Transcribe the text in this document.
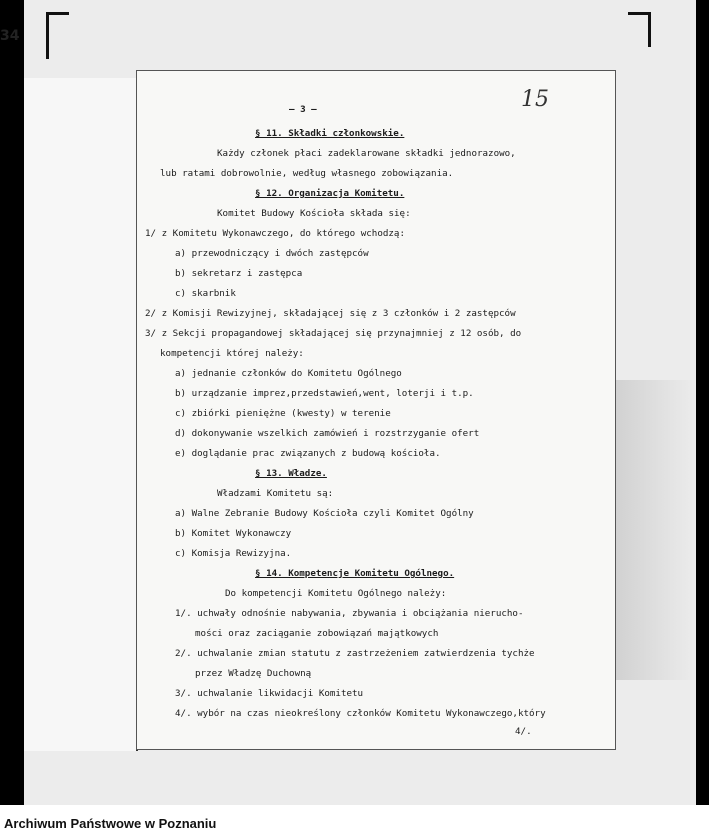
34
— 3 —	15
§ 11. Składki członkowskie.
Każdy członek płaci zadeklarowane składki jednorazowo,
lub ratami dobrowolnie, według własnego zobowiązania.
§ 12. Organizacja Komitetu.
Komitet Budowy Kościoła składa się:
1/ z Komitetu Wykonawczego, do którego wchodzą:
a) przewodniczący i dwóch zastępców
b) sekretarz i zastępca
c) skarbnik
2/ z Komisji Rewizyjnej, składającej się z 3 członków i 2 zastępców
3/ z Sekcji propagandowej składającej się przynajmniej z 12 osób, do
kompetencji której należy:
a) jednanie członków do Komitetu Ogólnego
b) urządzanie imprez,przedstawień,went, loterji i t.p.
c) zbiórki pieniężne (kwesty) w terenie
d) dokonywanie wszelkich zamówień i rozstrzyganie ofert
e) doglądanie prac związanych z budową kościoła.
§ 13. Władze.
Władzami Komitetu są:
a) Walne Zebranie Budowy Kościoła czyli Komitet Ogólny
b) Komitet Wykonawczy
c) Komisja Rewizyjna.
§ 14. Kompetencje Komitetu Ogólnego.
Do kompetencji Komitetu Ogólnego należy:
1/. uchwały odnośnie nabywania, zbywania i obciążania nierucho-
mości oraz zaciąganie zobowiązań majątkowych
2/. uchwalanie zmian statutu z zastrzeżeniem zatwierdzenia tychże
przez Władzę Duchowną
3/. uchwalanie likwidacji Komitetu
4/. wybór na czas nieokreślony członków Komitetu Wykonawczego,który
4/.
Archiwum Państwowe w Poznaniu
